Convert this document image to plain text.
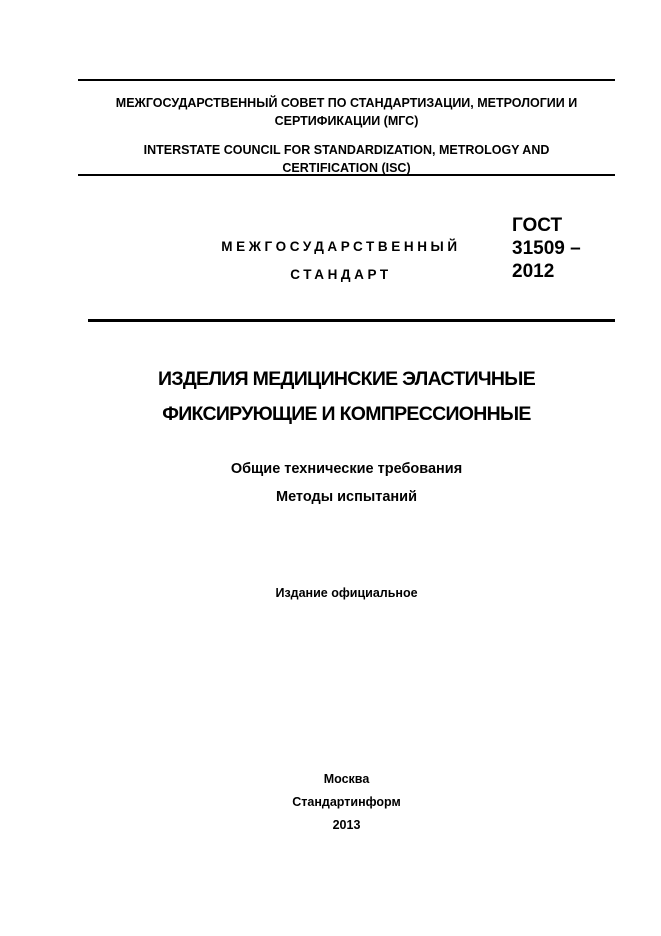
МЕЖГОСУДАРСТВЕННЫЙ СОВЕТ ПО СТАНДАРТИЗАЦИИ, МЕТРОЛОГИИ И
СЕРТИФИКАЦИИ (МГС)
INTERSTATE COUNCIL FOR STANDARDIZATION, METROLOGY AND
CERTIFICATION (ISC)
МЕЖГОСУДАРСТВЕННЫЙ
СТАНДАРТ
ГОСТ
31509 –
2012
ИЗДЕЛИЯ МЕДИЦИНСКИЕ ЭЛАСТИЧНЫЕ
ФИКСИРУЮЩИЕ И КОМПРЕССИОННЫЕ
Общие технические требования
Методы испытаний
Издание официальное
Москва
Стандартинформ
2013
